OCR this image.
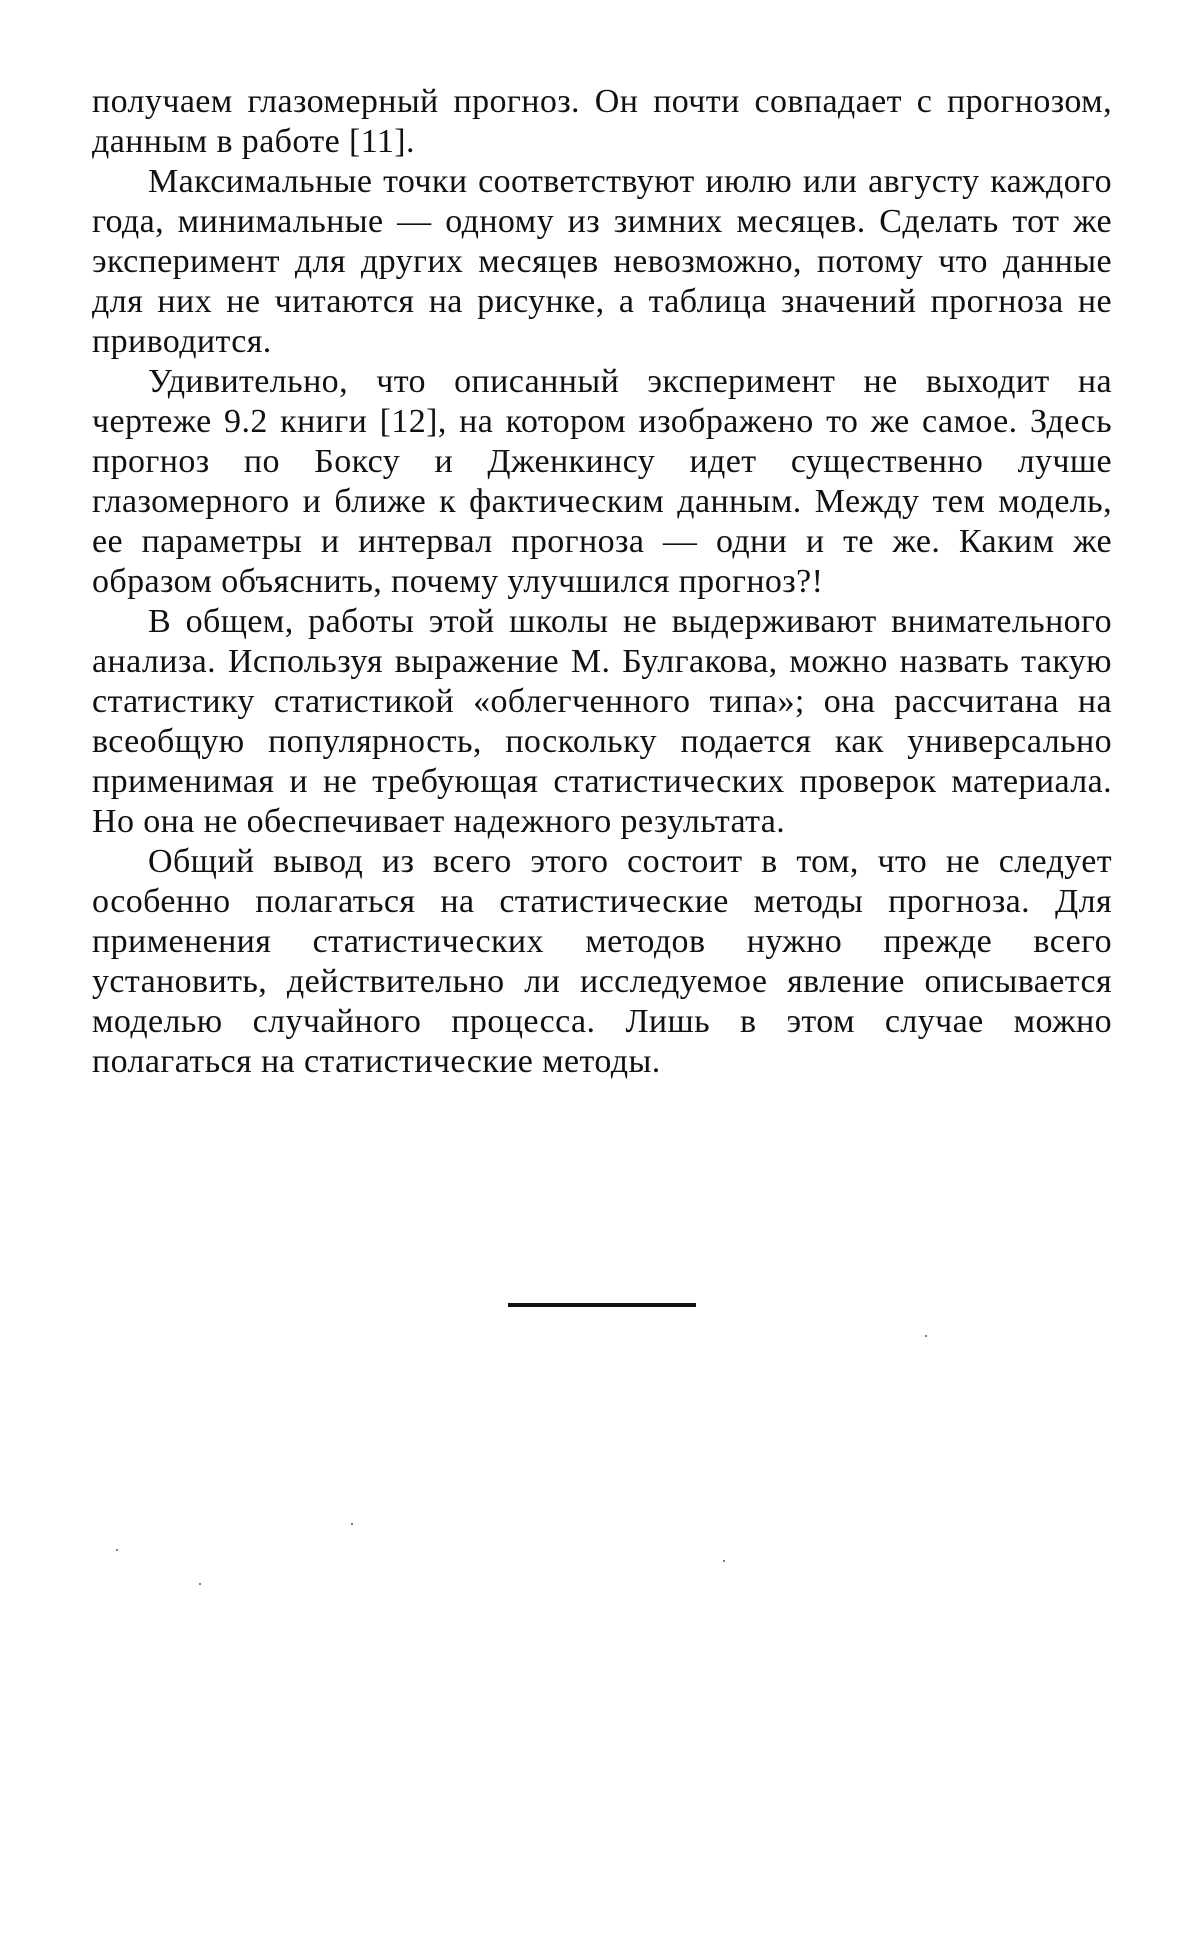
получаем глазомерный прогноз. Он почти совпадает с прогнозом, данным в работе [11].

Максимальные точки соответствуют июлю или августу каждого года, минимальные — одному из зимних месяцев. Сделать тот же эксперимент для других месяцев невозможно, потому что данные для них не читаются на рисунке, а таблица значений прогноза не приводится.

Удивительно, что описанный эксперимент не выходит на чертеже 9.2 книги [12], на котором изображено то же самое. Здесь прогноз по Боксу и Дженкинсу идет существенно лучше глазомерного и ближе к фактическим данным. Между тем модель, ее параметры и интервал прогноза — одни и те же. Каким же образом объяснить, почему улучшился прогноз?!

В общем, работы этой школы не выдерживают внимательного анализа. Используя выражение М. Булгакова, можно назвать такую статистику статистикой «облегченного типа»; она рассчитана на всеобщую популярность, поскольку подается как универсально применимая и не требующая статистических проверок материала. Но она не обеспечивает надежного результата.

Общий вывод из всего этого состоит в том, что не следует особенно полагаться на статистические методы прогноза. Для применения статистических методов нужно прежде всего установить, действительно ли исследуемое явление описывается моделью случайного процесса. Лишь в этом случае можно полагаться на статистические методы.
